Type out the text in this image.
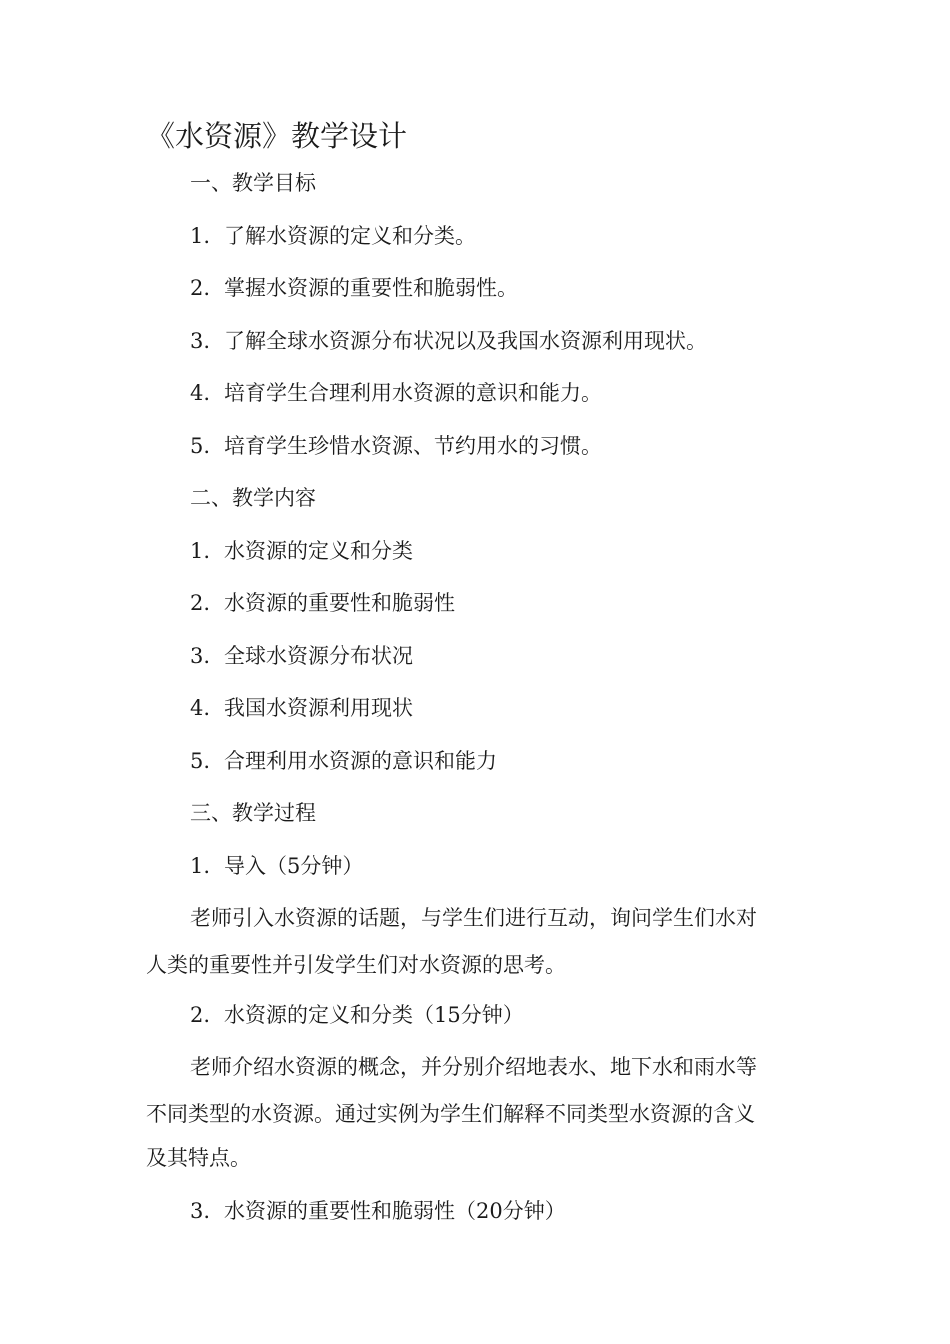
《水资源》教学设计
一、教学目标
1. 了解水资源的定义和分类。
2. 掌握水资源的重要性和脆弱性。
3. 了解全球水资源分布状况以及我国水资源利用现状。
4. 培育学生合理利用水资源的意识和能力。
5. 培育学生珍惜水资源、节约用水的习惯。
二、教学内容
1. 水资源的定义和分类
2. 水资源的重要性和脆弱性
3. 全球水资源分布状况
4. 我国水资源利用现状
5. 合理利用水资源的意识和能力
三、教学过程
1. 导入（5分钟）
老师引入水资源的话题，与学生们进行互动，询问学生们水对
人类的重要性并引发学生们对水资源的思考。
2. 水资源的定义和分类（15分钟）
老师介绍水资源的概念，并分别介绍地表水、地下水和雨水等
不同类型的水资源。通过实例为学生们解释不同类型水资源的含义
及其特点。
3. 水资源的重要性和脆弱性（20分钟）
